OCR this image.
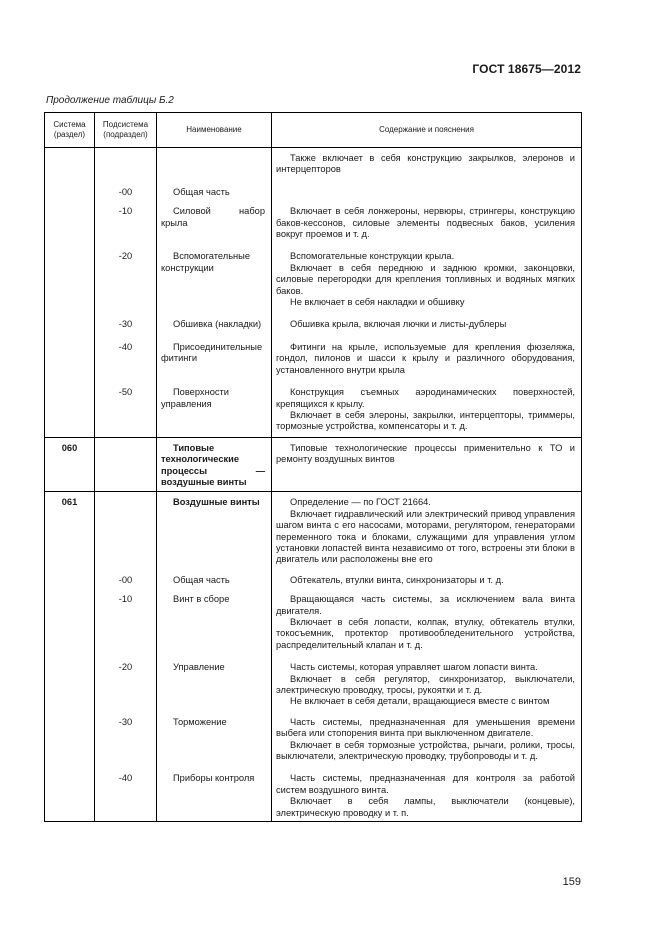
ГОСТ 18675—2012
Продолжение таблицы Б.2
Система (раздел)	Подсистема (подраздел)	Наименование	Содержание и пояснения

			Также включает в себя конструкцию закрылков, элеронов и интерцепторов

	-00	Общая часть	
	-10	Силовой набор крыла	Включает в себя лонжероны, нервюры, стрингеры, конструкцию баков-кессонов, силовые элементы подвесных баков, усиления вокруг проемов и т. д.

	-20	Вспомогательные конструкции	Вспомогательные конструкции крыла.

Включает в себя переднюю и заднюю кромки, законцовки, силовые перегородки для крепления топливных и водяных мягких баков.

Не включает в себя накладки и обшивку

	-30	Обшивка (накладки)	Обшивка крыла, включая лючки и листы-дублеры

	-40	Присоединительные фитинги	Фитинги на крыле, используемые для крепления фюзеляжа, гондол, пилонов и шасси к крылу и различного оборудования, установленного внутри крыла

	-50	Поверхности управления	Конструкция съемных аэродинамических поверхностей, крепящихся к крылу.

Включает в себя элероны, закрылки, интерцепторы, триммеры, тормозные устройства, компенсаторы и т. д.

060		Типовые технологические процессы — воздушные винты	Типовые технологические процессы применительно к ТО и ремонту воздушных винтов

061		Воздушные винты	Определение — по ГОСТ 21664.

Включает гидравлический или электрический привод управления шагом винта с его насосами, моторами, регулятором, генераторами переменного тока и блоками, служащими для управления углом установки лопастей винта независимо от того, встроены эти блоки в двигатель или расположены вне его

	-00	Общая часть	Обтекатель, втулки винта, синхронизаторы и т. д.

	-10	Винт в сборе	Вращающаяся часть системы, за исключением вала винта двигателя.

Включает в себя лопасти, колпак, втулку, обтекатель втулки, токосъемник, протектор противообледенительного устройства, распределительный клапан и т. д.

	-20	Управление	Часть системы, которая управляет шагом лопасти винта.

Включает в себя регулятор, синхронизатор, выключатели, электрическую проводку, тросы, рукоятки и т. д.

Не включает в себя детали, вращающиеся вместе с винтом

	-30	Торможение	Часть системы, предназначенная для уменьшения времени выбега или стопорения винта при выключенном двигателе.

Включает в себя тормозные устройства, рычаги, ролики, тросы, выключатели, электрическую проводку, трубопроводы и т. д.

	-40	Приборы контроля	Часть системы, предназначенная для контроля за работой систем воздушного винта.

Включает в себя лампы, выключатели (концевые), электрическую проводку и т. п.

159
